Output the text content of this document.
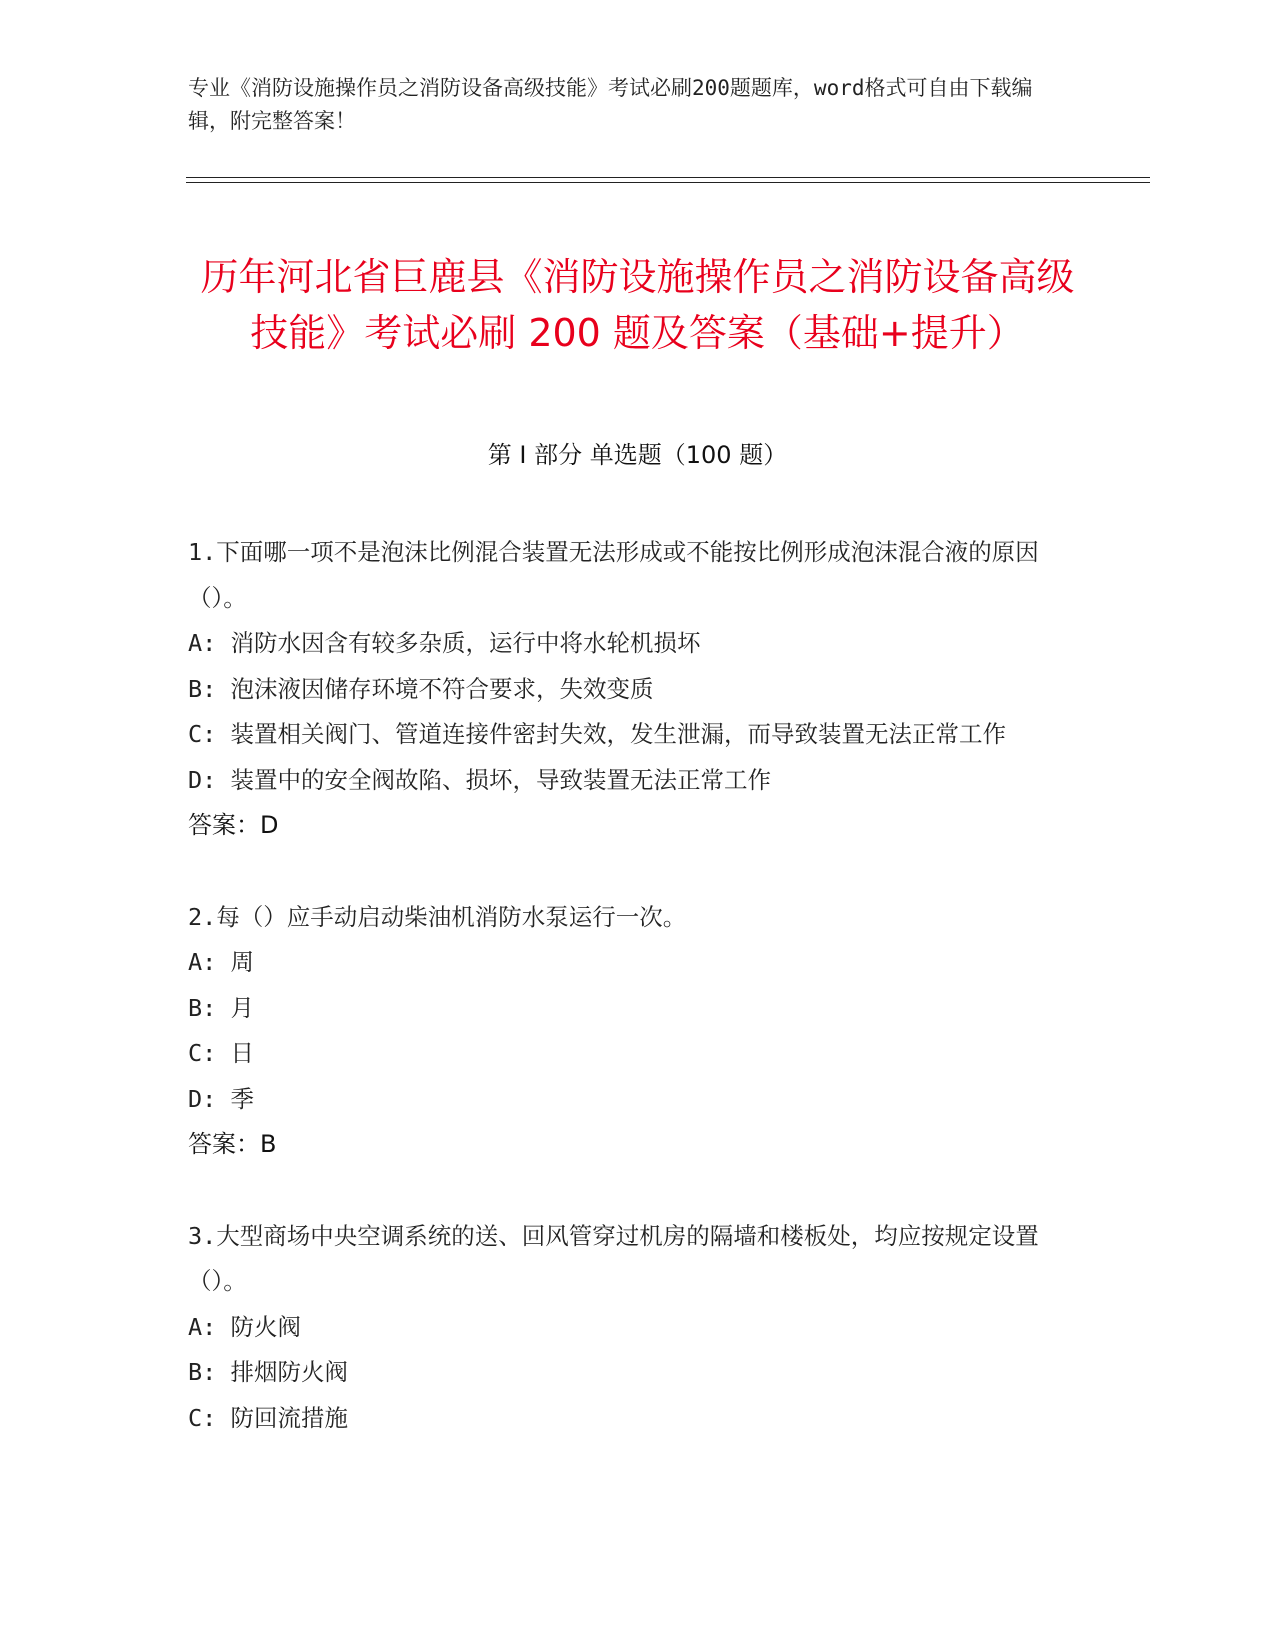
专业《消防设施操作员之消防设备高级技能》考试必刷200题题库，word格式可自由下载编辑，附完整答案！
历年河北省巨鹿县《消防设施操作员之消防设备高级技能》考试必刷 200 题及答案（基础+提升）
第 I 部分 单选题（100 题）
1.下面哪一项不是泡沫比例混合装置无法形成或不能按比例形成泡沫混合液的原因（）。
A: 消防水因含有较多杂质，运行中将水轮机损坏
B: 泡沫液因储存环境不符合要求，失效变质
C: 装置相关阀门、管道连接件密封失效，发生泄漏，而导致装置无法正常工作
D: 装置中的安全阀故陷、损坏，导致装置无法正常工作
答案：D
2.每（）应手动启动柴油机消防水泵运行一次。
A: 周
B: 月
C: 日
D: 季
答案：B
3.大型商场中央空调系统的送、回风管穿过机房的隔墙和楼板处，均应按规定设置（）。
A: 防火阀
B: 排烟防火阀
C: 防回流措施
